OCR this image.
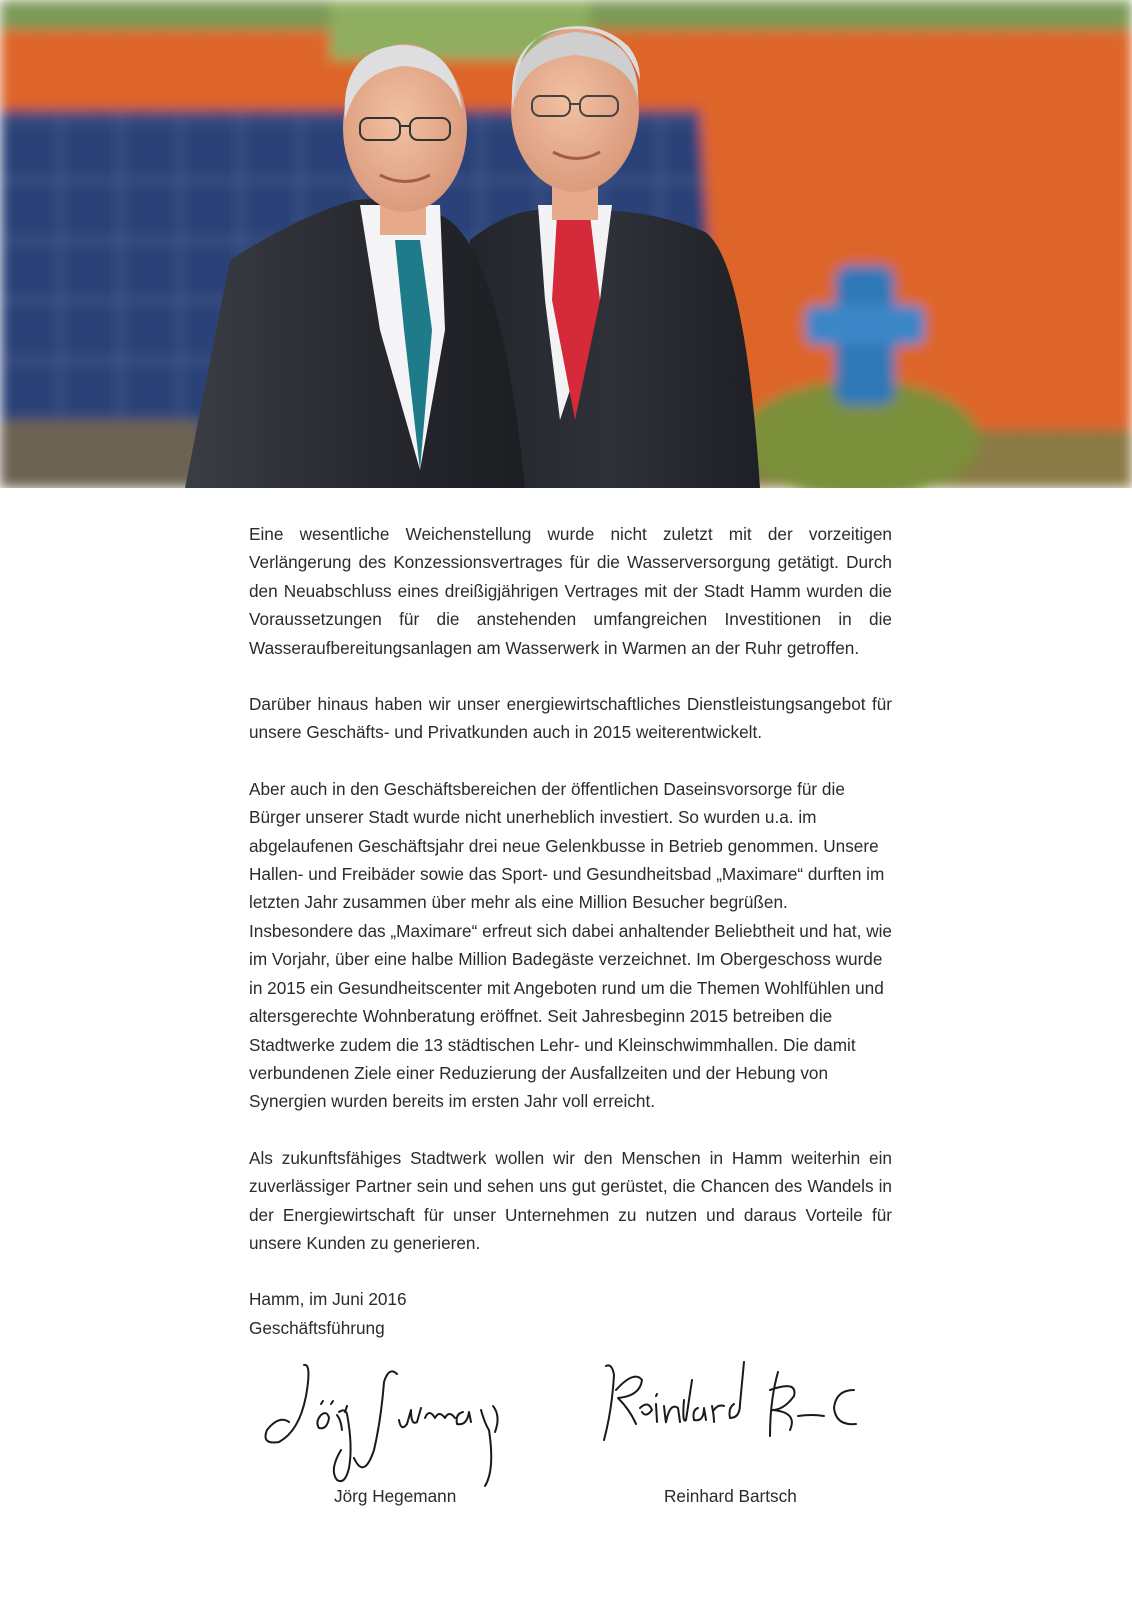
Eine wesentliche Weichenstellung wurde nicht zuletzt mit der vorzeitigen Verlängerung des Konzessionsvertrages für die Wasserversorgung getätigt. Durch den Neuabschluss eines dreißigjährigen Vertrages mit der Stadt Hamm wurden die Voraussetzungen für die anstehenden umfangreichen Investitionen in die Wasseraufbereitungsanlagen am Wasserwerk in Warmen an der Ruhr getroffen.

Darüber hinaus haben wir unser energiewirtschaftliches Dienstleistungsangebot für unsere Geschäfts- und Privatkunden auch in 2015 weiterentwickelt.

Aber auch in den Geschäftsbereichen der öffentlichen Daseinsvorsorge für die Bürger unserer Stadt wurde nicht unerheblich investiert. So wurden u.a. im abgelaufenen Geschäftsjahr drei neue Gelenkbusse in Betrieb genommen. Unsere Hallen- und Freibäder sowie das Sport- und Gesundheitsbad „Maximare“ durften im letzten Jahr zusammen über mehr als eine Million Besucher begrüßen. Insbesondere das „Maximare“ erfreut sich dabei anhaltender Beliebtheit und hat, wie im Vorjahr, über eine halbe Million Badegäste verzeichnet. Im Obergeschoss wurde in 2015 ein Gesundheitscenter mit Angeboten rund um die Themen Wohlfühlen und altersgerechte Wohnberatung eröffnet. Seit Jahresbeginn 2015 betreiben die Stadtwerke zudem die 13 städtischen Lehr- und Kleinschwimmhallen. Die damit verbundenen Ziele einer Reduzierung der Ausfallzeiten und der Hebung von Synergien wurden bereits im ersten Jahr voll erreicht.

Als zukunftsfähiges Stadtwerk wollen wir den Menschen in Hamm weiterhin ein zuverlässiger Partner sein und sehen uns gut gerüstet, die Chancen des Wandels in der Energiewirtschaft für unser Unternehmen zu nutzen und daraus Vorteile für unsere Kunden zu generieren.

Hamm, im Juni 2016
Geschäftsführung
Jörg Hegemann	Reinhard Bartsch
